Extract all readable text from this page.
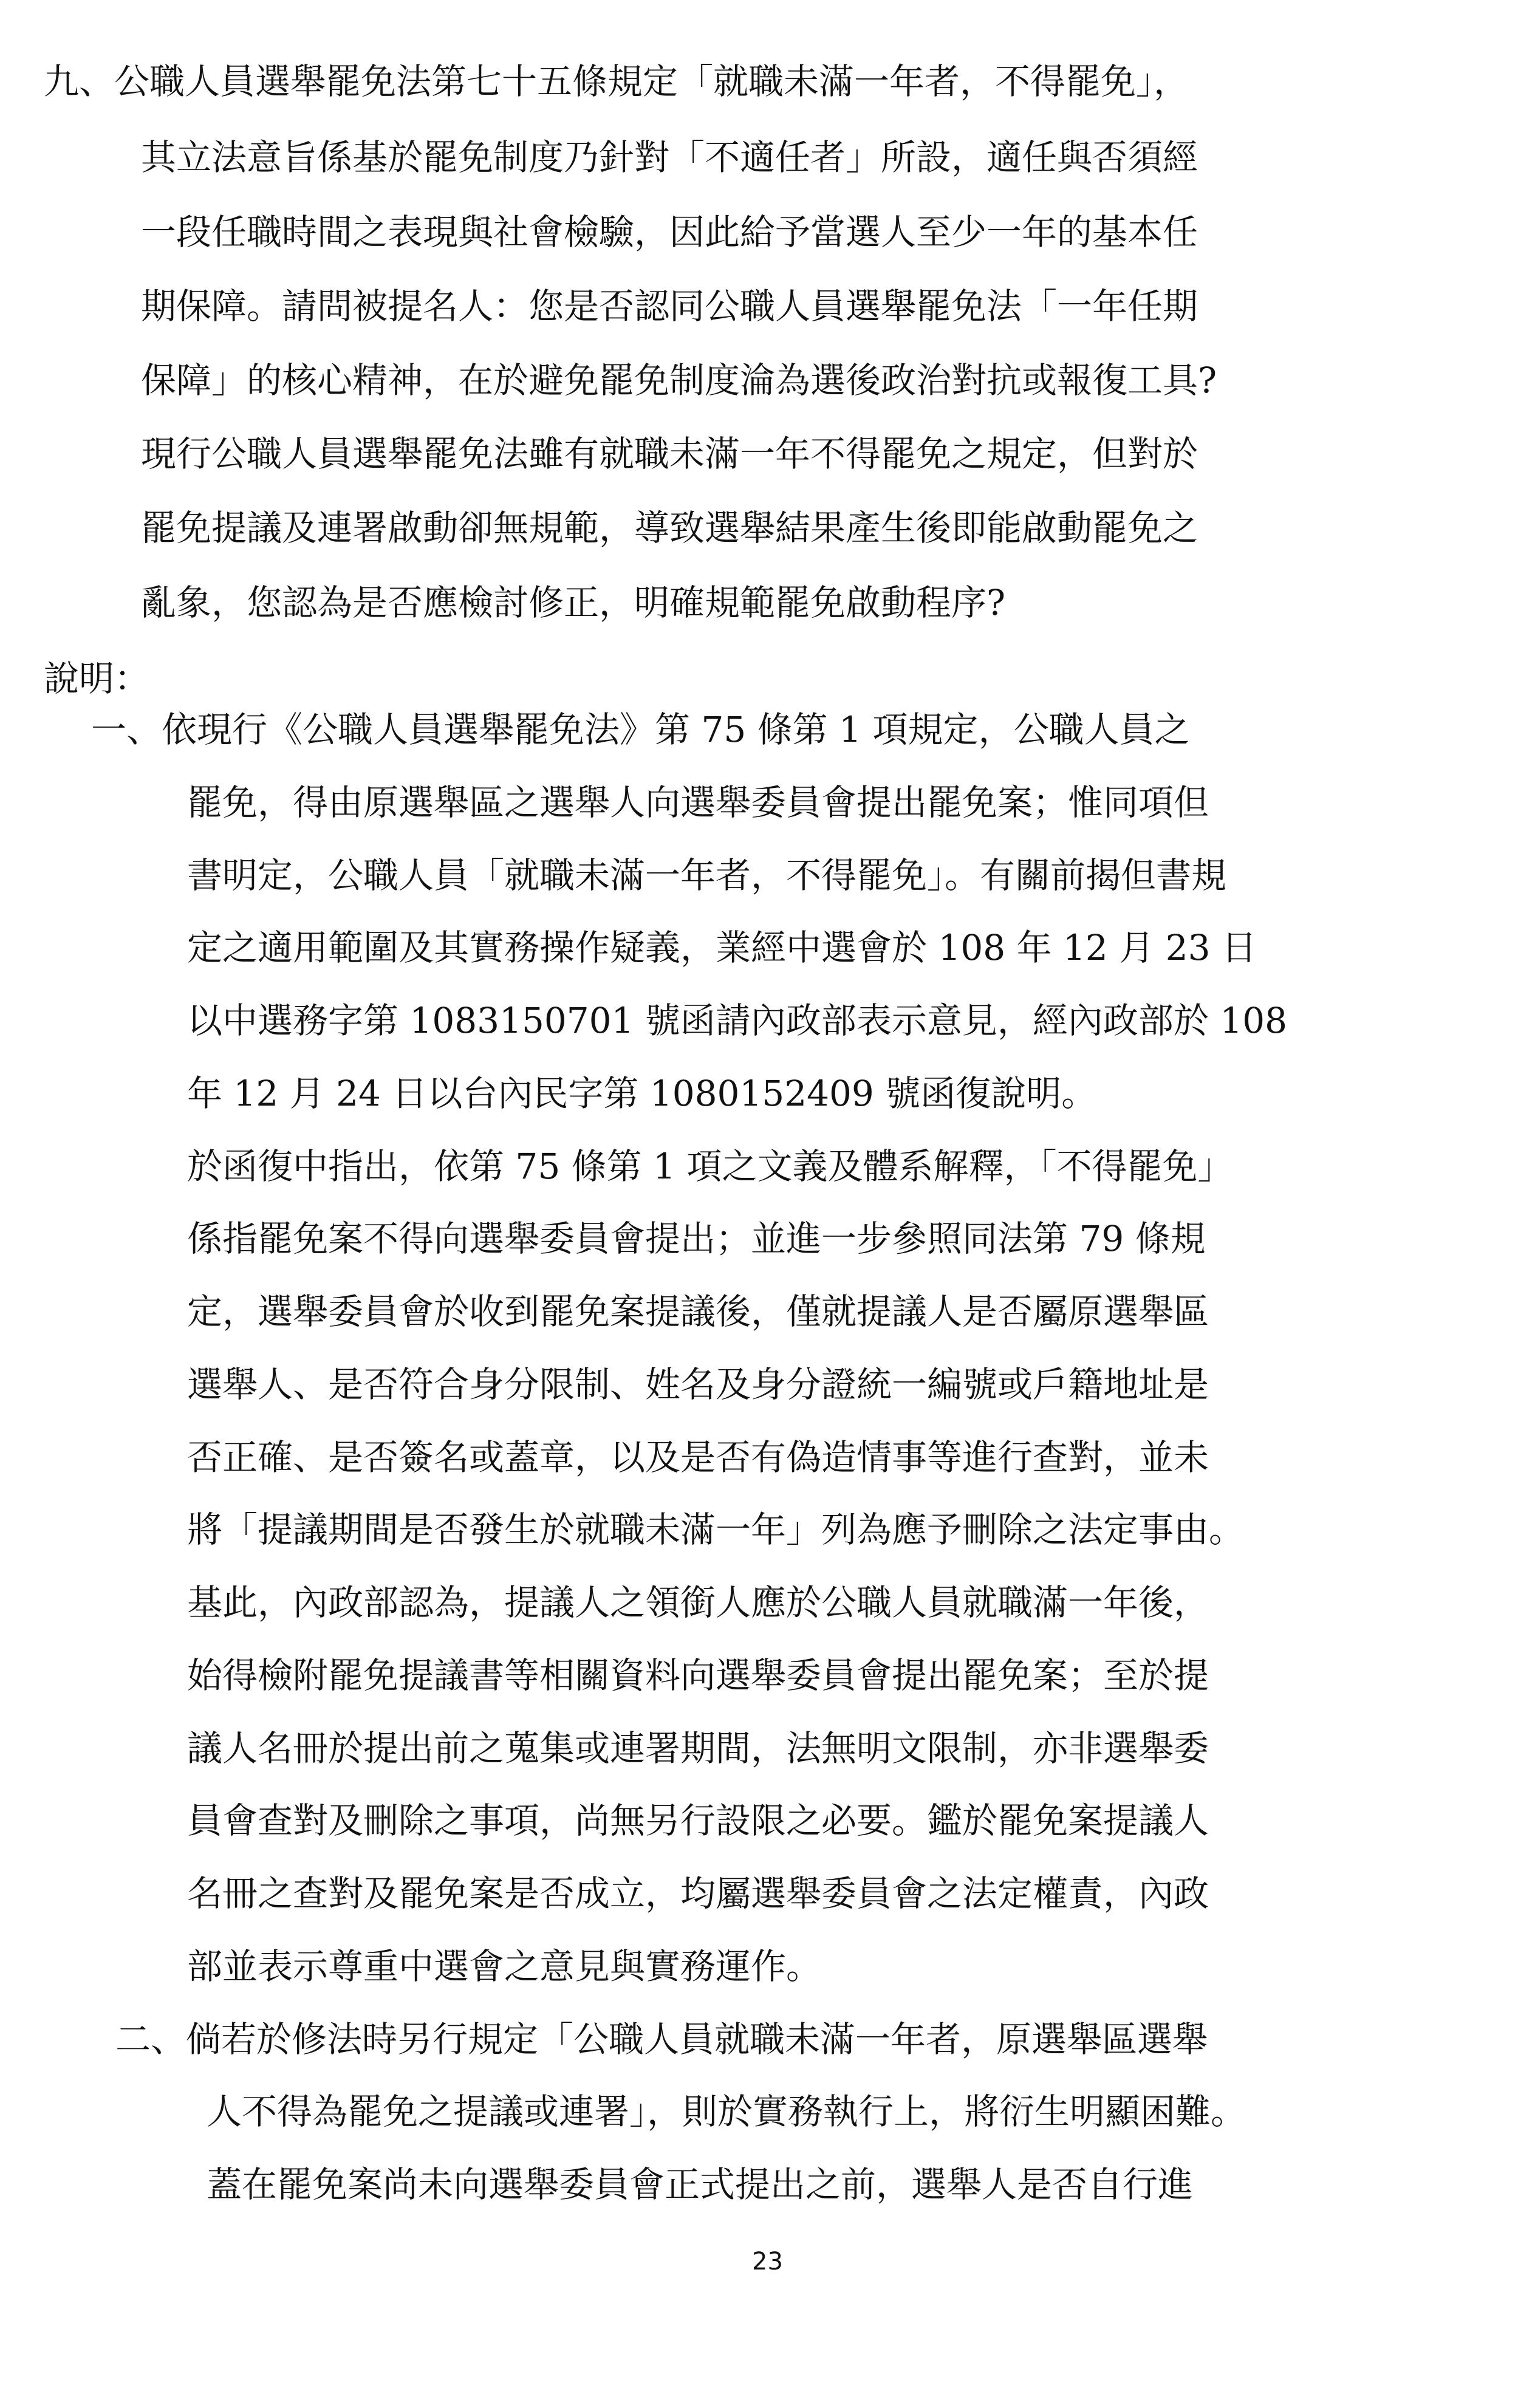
九、公職人員選舉罷免法第七十五條規定「就職未滿一年者，不得罷免」，

其立法意旨係基於罷免制度乃針對「不適任者」所設，適任與否須經

一段任職時間之表現與社會檢驗，因此給予當選人至少一年的基本任

期保障。請問被提名人：您是否認同公職人員選舉罷免法「一年任期

保障」的核心精神，在於避免罷免制度淪為選後政治對抗或報復工具?

現行公職人員選舉罷免法雖有就職未滿一年不得罷免之規定，但對於

罷免提議及連署啟動卻無規範，導致選舉結果產生後即能啟動罷免之

亂象，您認為是否應檢討修正，明確規範罷免啟動程序?

說明：

一、依現行《公職人員選舉罷免法》第 75 條第 1 項規定，公職人員之

罷免，得由原選舉區之選舉人向選舉委員會提出罷免案；惟同項但

書明定，公職人員「就職未滿一年者，不得罷免」。有關前揭但書規

定之適用範圍及其實務操作疑義，業經中選會於 108 年 12 月 23 日

以中選務字第 1083150701 號函請內政部表示意見，經內政部於 108

年 12 月 24 日以台內民字第 1080152409 號函復說明。

於函復中指出，依第 75 條第 1 項之文義及體系解釋，「不得罷免」

係指罷免案不得向選舉委員會提出；並進一步參照同法第 79 條規

定，選舉委員會於收到罷免案提議後，僅就提議人是否屬原選舉區

選舉人、是否符合身分限制、姓名及身分證統一編號或戶籍地址是

否正確、是否簽名或蓋章，以及是否有偽造情事等進行查對，並未

將「提議期間是否發生於就職未滿一年」列為應予刪除之法定事由。

基此，內政部認為，提議人之領銜人應於公職人員就職滿一年後，

始得檢附罷免提議書等相關資料向選舉委員會提出罷免案；至於提

議人名冊於提出前之蒐集或連署期間，法無明文限制，亦非選舉委

員會查對及刪除之事項，尚無另行設限之必要。鑑於罷免案提議人

名冊之查對及罷免案是否成立，均屬選舉委員會之法定權責，內政

部並表示尊重中選會之意見與實務運作。

二、倘若於修法時另行規定「公職人員就職未滿一年者，原選舉區選舉

人不得為罷免之提議或連署」，則於實務執行上，將衍生明顯困難。

蓋在罷免案尚未向選舉委員會正式提出之前，選舉人是否自行進

23
